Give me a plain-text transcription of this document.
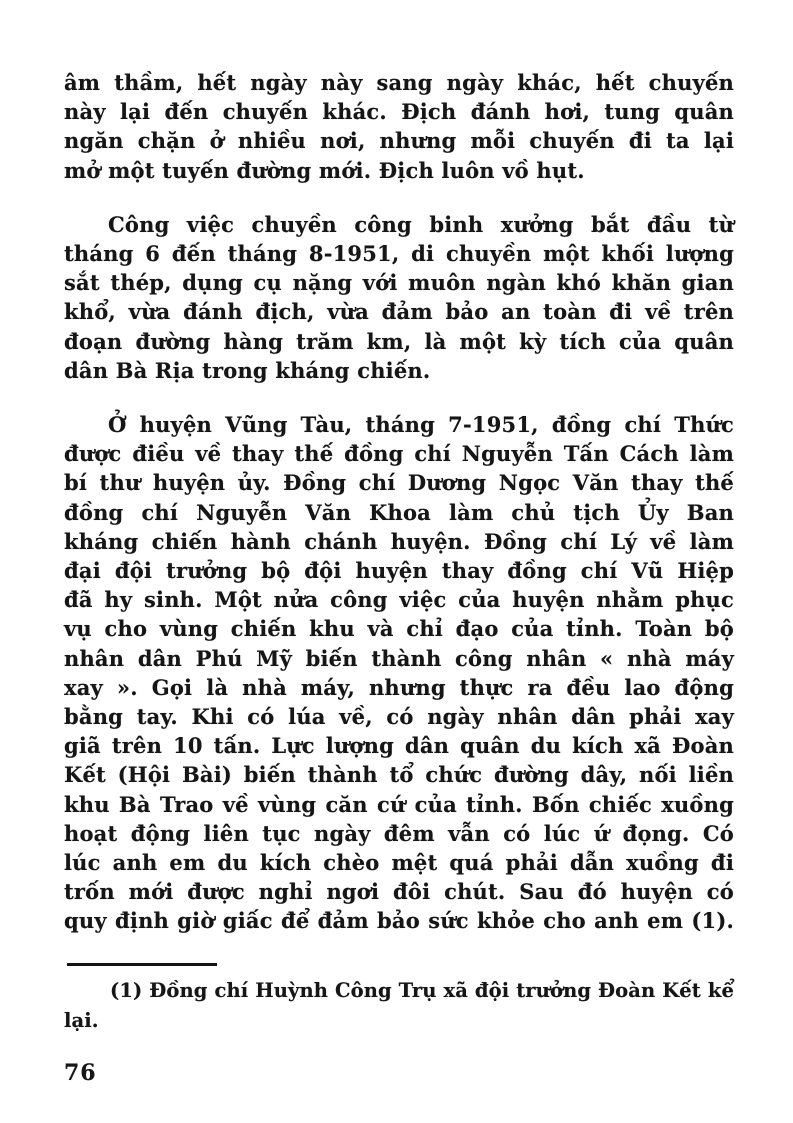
âm thầm, hết ngày này sang ngày khác, hết chuyến
này lại đến chuyến khác. Địch đánh hơi, tung quân
ngăn chặn ở nhiều nơi, nhưng mỗi chuyến đi ta lại
mở một tuyến đường mới. Địch luôn vồ hụt.
Công việc chuyền công binh xưởng bắt đầu từ
tháng 6 đến tháng 8-1951, di chuyền một khối lượng
sắt thép, dụng cụ nặng với muôn ngàn khó khăn gian
khổ, vừa đánh địch, vừa đảm bảo an toàn đi về trên
đoạn đường hàng trăm km, là một kỳ tích của quân
dân Bà Rịa trong kháng chiến.
Ở huyện Vũng Tàu, tháng 7-1951, đồng chí Thức
được điều về thay thế đồng chí Nguyễn Tấn Cách làm
bí thư huyện ủy. Đồng chí Dương Ngọc Văn thay thế
đồng chí Nguyễn Văn Khoa làm chủ tịch Ủy Ban
kháng chiến hành chánh huyện. Đồng chí Lý về làm
đại đội trưởng bộ đội huyện thay đồng chí Vũ Hiệp
đã hy sinh. Một nửa công việc của huyện nhằm phục
vụ cho vùng chiến khu và chỉ đạo của tỉnh. Toàn bộ
nhân dân Phú Mỹ biến thành công nhân « nhà máy
xay ». Gọi là nhà máy, nhưng thực ra đều lao động
bằng tay. Khi có lúa về, có ngày nhân dân phải xay
giã trên 10 tấn. Lực lượng dân quân du kích xã Đoàn
Kết (Hội Bài) biến thành tổ chức đường dây, nối liền
khu Bà Trao về vùng căn cứ của tỉnh. Bốn chiếc xuồng
hoạt động liên tục ngày đêm vẫn có lúc ứ đọng. Có
lúc anh em du kích chèo mệt quá phải dẫn xuồng đi
trốn mới được nghỉ ngơi đôi chút. Sau đó huyện có
quy định giờ giấc để đảm bảo sức khỏe cho anh em (1).
(1) Đồng chí Huỳnh Công Trụ xã đội trưởng Đoàn Kết kể
lại.
76
